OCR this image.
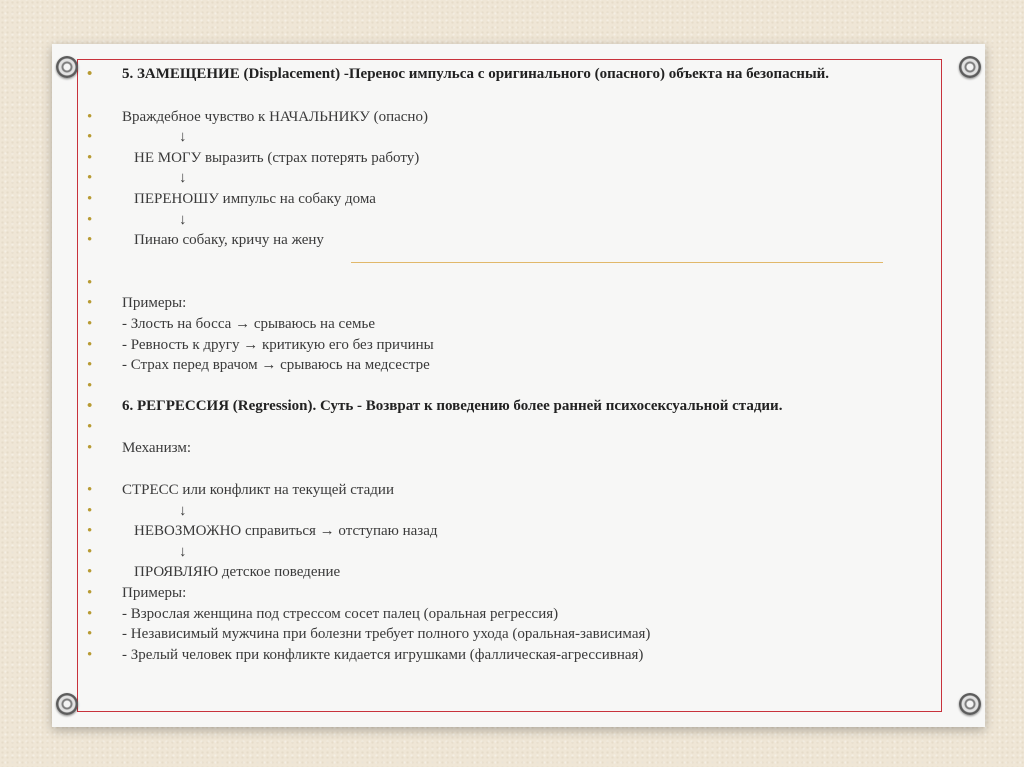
• 5. ЗАМЕЩЕНИЕ (Displacement) -Перенос импульса с оригинального (опасного) объекта на безопасный.
• Враждебное чувство к НАЧАЛЬНИКУ (опасно)
•	↓
•	НЕ МОГУ выразить (страх потерять работу)
•	↓
•	ПЕРЕНОШУ импульс на собаку дома
•	↓
•	Пинаю собаку, кричу на жену
•
• Примеры:
• - Злость на босса → срываюсь на семье
• - Ревность к другу → критикую его без причины
• - Страх перед врачом → срываюсь на медсестре
•
• 6. РЕГРЕССИЯ (Regression). Суть - Возврат к поведению более ранней психосексуальной стадии.
•
• Механизм:
• СТРЕСС или конфликт на текущей стадии
•	↓
•	НЕВОЗМОЖНО справиться → отступаю назад
•	↓
•	ПРОЯВЛЯЮ детское поведение
• Примеры:
• - Взрослая женщина под стрессом сосет палец (оральная регрессия)
• - Независимый мужчина при болезни требует полного ухода (оральная-зависимая)
• - Зрелый человек при конфликте кидается игрушками (фаллическая-агрессивная)
